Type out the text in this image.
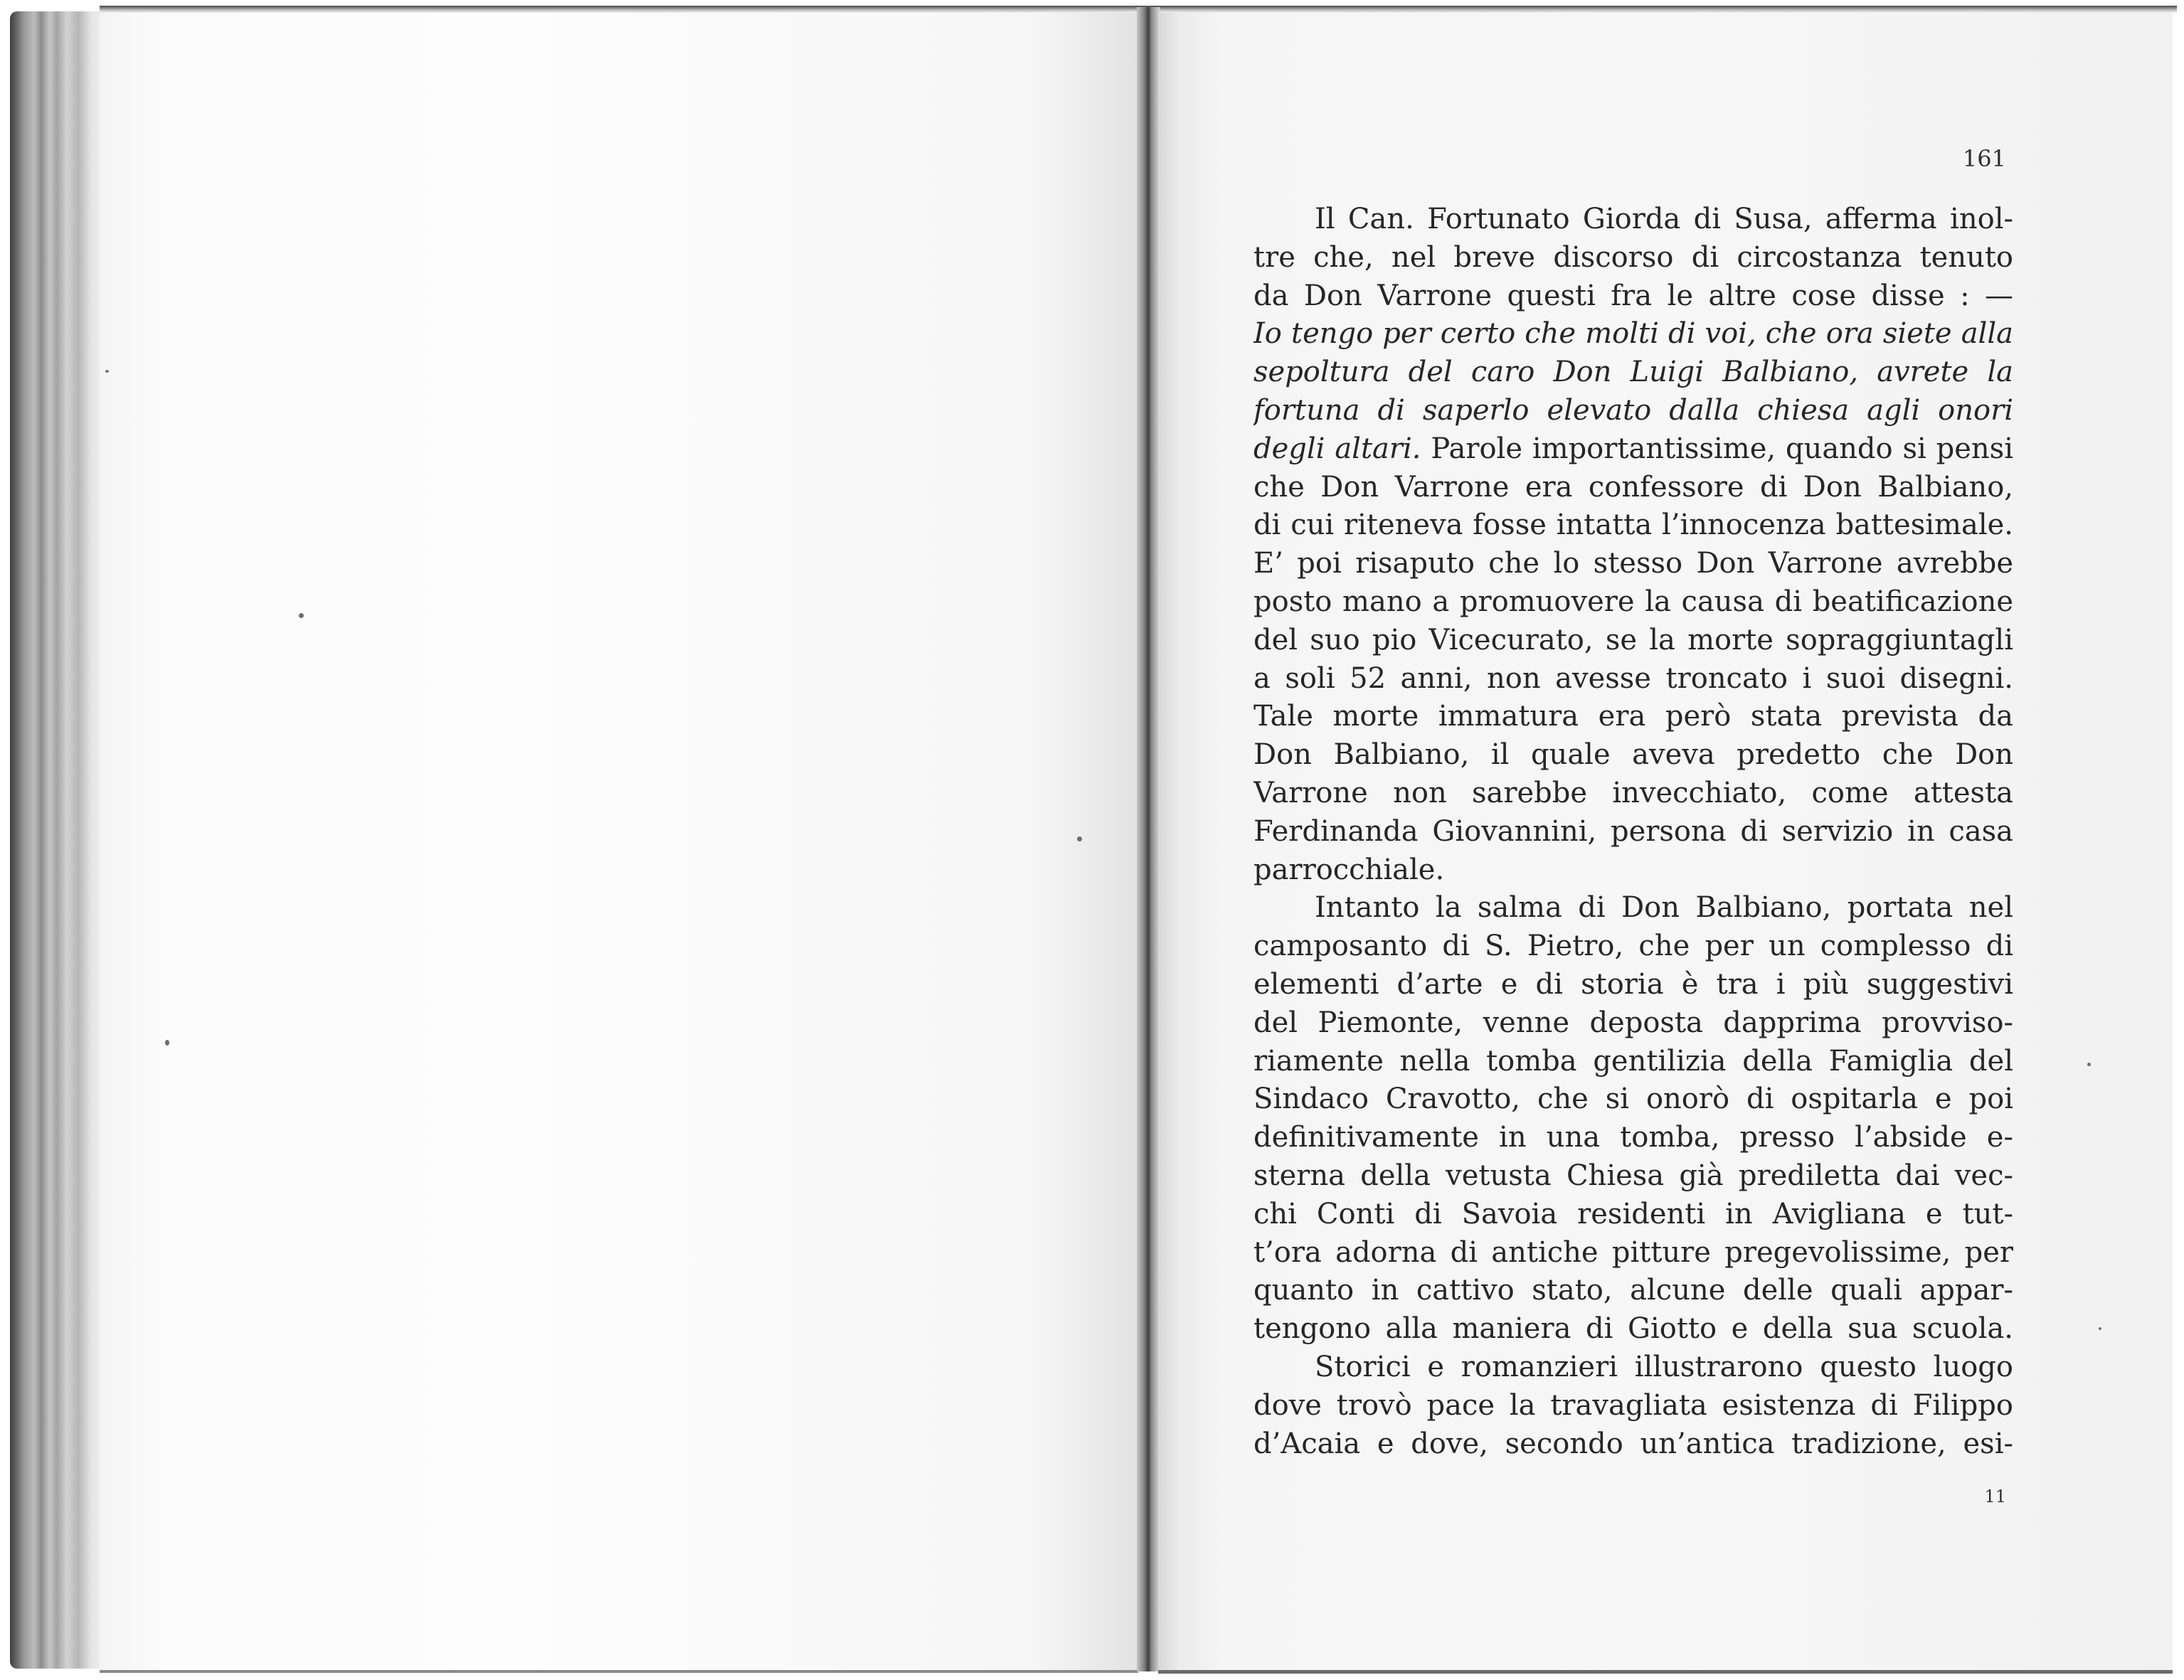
161
Il Can. Fortunato Giorda di Susa, afferma inol-
tre che, nel breve discorso di circostanza tenuto
da Don Varrone questi fra le altre cose disse : —
Io tengo per certo che molti di voi, che ora siete alla
sepoltura del caro Don Luigi Balbiano, avrete la
fortuna di saperlo elevato dalla chiesa agli onori
degli altari. Parole importantissime, quando si pensi
che Don Varrone era confessore di Don Balbiano,
di cui riteneva fosse intatta l’innocenza battesimale.
E’ poi risaputo che lo stesso Don Varrone avrebbe
posto mano a promuovere la causa di beatificazione
del suo pio Vicecurato, se la morte sopraggiuntagli
a soli 52 anni, non avesse troncato i suoi disegni.
Tale morte immatura era però stata prevista da
Don Balbiano, il quale aveva predetto che Don
Varrone non sarebbe invecchiato, come attesta
Ferdinanda Giovannini, persona di servizio in casa
parrocchiale.
Intanto la salma di Don Balbiano, portata nel
camposanto di S. Pietro, che per un complesso di
elementi d’arte e di storia è tra i più suggestivi
del Piemonte, venne deposta dapprima provviso-
riamente nella tomba gentilizia della Famiglia del
Sindaco Cravotto, che si onorò di ospitarla e poi
definitivamente in una tomba, presso l’abside e-
sterna della vetusta Chiesa già prediletta dai vec-
chi Conti di Savoia residenti in Avigliana e tut-
t’ora adorna di antiche pitture pregevolissime, per
quanto in cattivo stato, alcune delle quali appar-
tengono alla maniera di Giotto e della sua scuola.
Storici e romanzieri illustrarono questo luogo
dove trovò pace la travagliata esistenza di Filippo
d’Acaia e dove, secondo un’antica tradizione, esi-
11
